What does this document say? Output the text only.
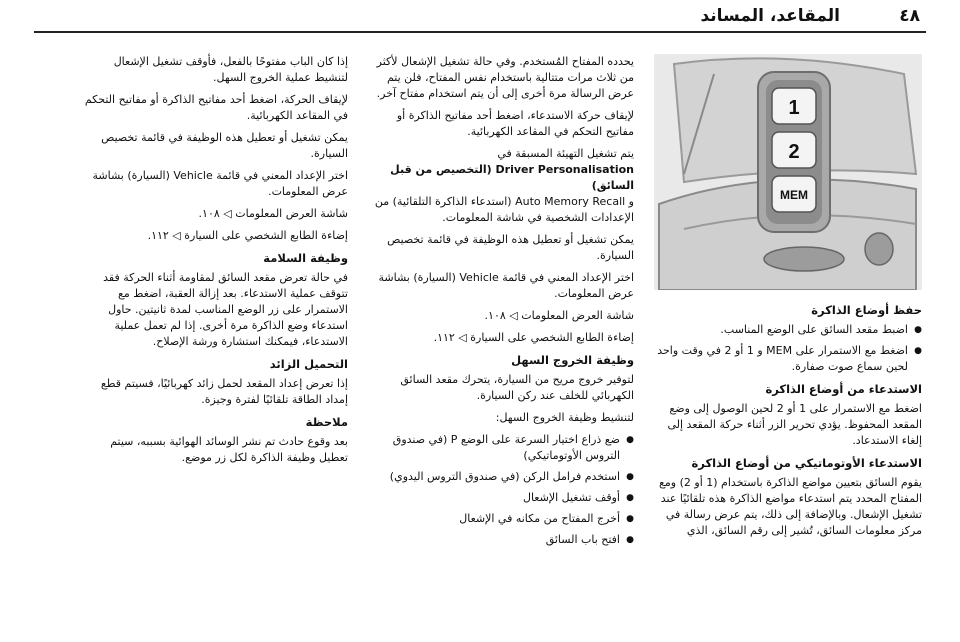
٤٨
المقاعد، المساند
1
2
MEM
حفظ أوضاع الذاكرة
● اضبط مقعد السائق على الوضع المناسب.
● اضغط مع الاستمرار على MEM و 1 أو 2 في وقت واحد لحين سماع صوت صفارة.
الاستدعاء من أوضاع الذاكرة

اضغط مع الاستمرار على 1 أو 2 لحين الوصول إلى وضع المقعد المحفوظ. يؤدي تحرير الزر أثناء حركة المقعد إلى إلغاء الاستدعاد.

الاستدعاء الأوتوماتيكي من أوضاع الذاكرة

يقوم السائق بتعيين مواضع الذاكرة باستخدام (1 أو 2) ومع المفتاح المحدد يتم استدعاء مواضع الذاكرة هذه تلقائيًا عند تشغيل الإشعال. وبالإضافة إلى ذلك، يتم عرض رسالة في مركز معلومات السائق، تُشير إلى رقم السائق، الذي

يحدده المفتاح المُستخدم. وفي حالة تشغيل الإشعال لأكثر من ثلاث مرات متتالية باستخدام نفس المفتاح، فلن يتم عرض الرسالة مرة أخرى إلى أن يتم استخدام مفتاح آخر.

لإيقاف حركة الاستدعاء، اضغط أحد مفاتيح الذاكرة أو مفاتيح التحكم في المقاعد الكهربائية.

يتم تشغيل التهيئة المسبقة في

Driver Personalisation (التخصيص من قبل السائق)

و Auto Memory Recall (استدعاء الذاكرة التلقائية) من الإعدادات الشخصية في شاشة المعلومات.

يمكن تشغيل أو تعطيل هذه الوظيفة في قائمة تخصيص السيارة.

اختر الإعداد المعني في قائمة Vehicle (السيارة) بشاشة عرض المعلومات.

شاشة العرض المعلومات ◁ ١٠٨.

إضاءة الطابع الشخصي على السيارة ◁ ١١٢.

وظيفة الخروج السهل

لتوفير خروج مريح من السيارة، يتحرك مقعد السائق الكهربائي للخلف عند ركن السيارة.

لتنشيط وظيفة الخروج السهل:

● ضع ذراع اختيار السرعة على الوضع P (في صندوق التروس الأوتوماتيكي)
● استخدم فرامل الركن (في صندوق التروس اليدوي)
● أوقف تشغيل الإشعال
● أخرج المفتاح من مكانه في الإشعال
● افتح باب السائق

إذا كان الباب مفتوحًا بالفعل، فأوقف تشغيل الإشعال لتنشيط عملية الخروج السهل.

لإيقاف الحركة، اضغط أحد مفاتيح الذاكرة أو مفاتيح التحكم في المقاعد الكهربائية.

يمكن تشغيل أو تعطيل هذه الوظيفة في قائمة تخصيص السيارة.

اختر الإعداد المعني في قائمة Vehicle (السيارة) بشاشة عرض المعلومات.

شاشة العرض المعلومات ◁ ١٠٨.

إضاءة الطابع الشخصي على السيارة ◁ ١١٢.

وظيفة السلامة

في حالة تعرض مقعد السائق لمقاومة أثناء الحركة فقد تتوقف عملية الاستدعاء. بعد إزالة العقبة، اضغط مع الاستمرار على زر الوضع المناسب لمدة ثانيتين. حاول استدعاء وضع الذاكرة مرة أخرى. إذا لم تعمل عملية الاستدعاء، فيمكنك استشارة ورشة الإصلاح.

التحميل الزائد

إذا تعرض إعداد المقعد لحمل زائد كهربائيًا، فسيتم قطع إمداد الطاقة تلقائيًا لفترة وجيزة.

ملاحظة

بعد وقوع حادث تم نشر الوسائد الهوائية بسببه، سيتم تعطيل وظيفة الذاكرة لكل زر موضع.
